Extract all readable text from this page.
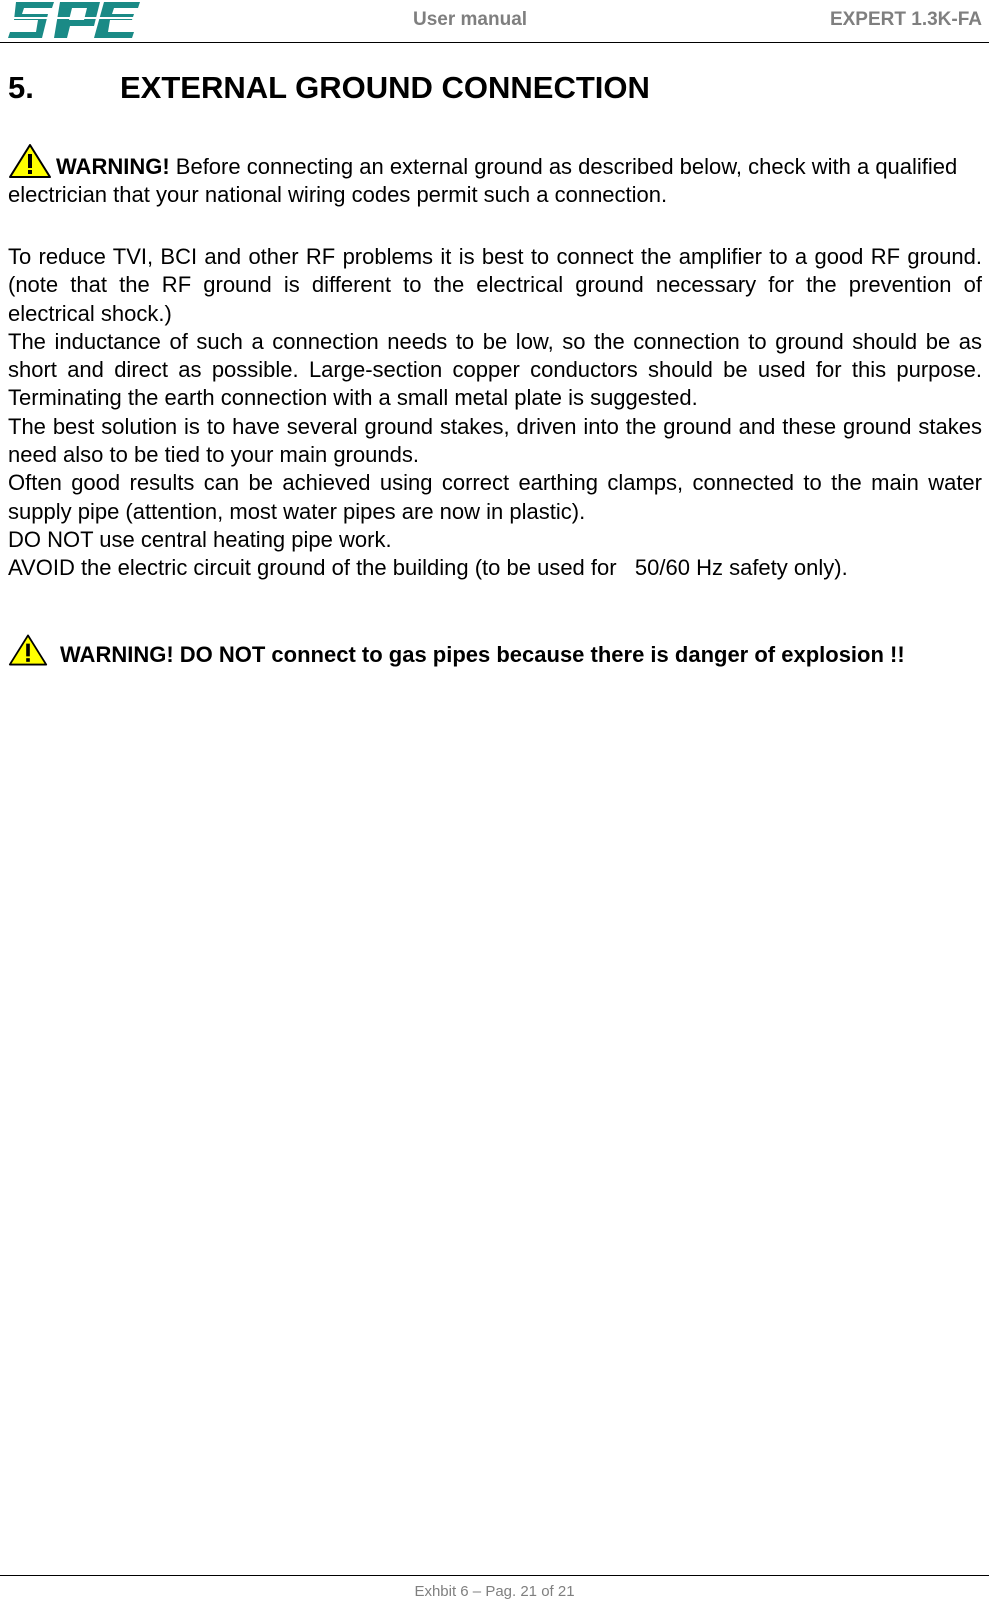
User manual	EXPERT 1.3K-FA
5.	EXTERNAL GROUND CONNECTION

WARNING! Before connecting an external ground as described below, check with a qualified electrician that your national wiring codes permit such a connection.

To reduce TVI, BCI and other RF problems it is best to connect the amplifier to a good RF ground. (note that the RF ground is different to the electrical ground necessary for the prevention of electrical shock.)

The inductance of such a connection needs to be low, so the connection to ground should be as short and direct as possible. Large-section copper conductors should be used for this purpose. Terminating the earth connection with a small metal plate is suggested.

The best solution is to have several ground stakes, driven into the ground and these ground stakes need also to be tied to your main grounds.

Often good results can be achieved using correct earthing clamps, connected to the main water supply pipe (attention, most water pipes are now in plastic).

DO NOT use central heating pipe work.

AVOID the electric circuit ground of the building (to be used for   50/60 Hz safety only).

WARNING! DO NOT connect to gas pipes because there is danger of explosion !!

Exhbit 6 – Pag. 21 of 21
